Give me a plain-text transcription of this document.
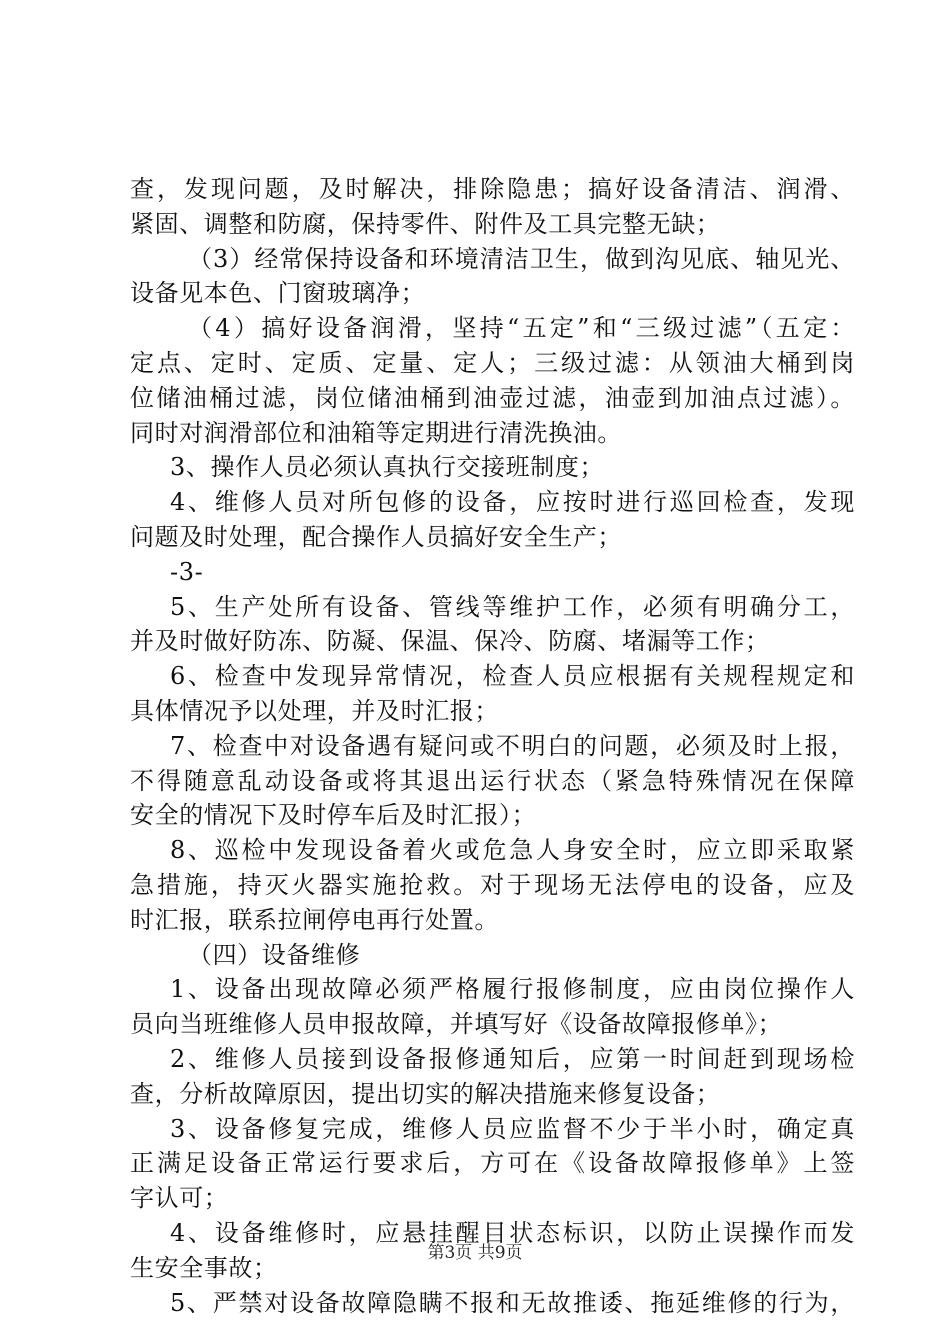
查，发现问题，及时解决，排除隐患；搞好设备清洁、润滑、
紧固、调整和防腐，保持零件、附件及工具完整无缺；
（3）经常保持设备和环境清洁卫生，做到沟见底、轴见光、
设备见本色、门窗玻璃净；
（4）搞好设备润滑，坚持“五定”和“三级过滤”（五定：
定点、定时、定质、定量、定人；三级过滤：从领油大桶到岗
位储油桶过滤，岗位储油桶到油壶过滤，油壶到加油点过滤）。
同时对润滑部位和油箱等定期进行清洗换油。
3、操作人员必须认真执行交接班制度；
4、维修人员对所包修的设备，应按时进行巡回检查，发现
问题及时处理，配合操作人员搞好安全生产；
-3-
5、生产处所有设备、管线等维护工作，必须有明确分工，
并及时做好防冻、防凝、保温、保冷、防腐、堵漏等工作；
6、检查中发现异常情况，检查人员应根据有关规程规定和
具体情况予以处理，并及时汇报；
7、检查中对设备遇有疑问或不明白的问题，必须及时上报，
不得随意乱动设备或将其退出运行状态（紧急特殊情况在保障
安全的情况下及时停车后及时汇报）；
8、巡检中发现设备着火或危急人身安全时，应立即采取紧
急措施，持灭火器实施抢救。对于现场无法停电的设备，应及
时汇报，联系拉闸停电再行处置。
（四）设备维修
1、设备出现故障必须严格履行报修制度，应由岗位操作人
员向当班维修人员申报故障，并填写好《设备故障报修单》；
2、维修人员接到设备报修通知后，应第一时间赶到现场检
查，分析故障原因，提出切实的解决措施来修复设备；
3、设备修复完成，维修人员应监督不少于半小时，确定真
正满足设备正常运行要求后，方可在《设备故障报修单》上签
字认可；
4、设备维修时，应悬挂醒目状态标识，以防止误操作而发
生安全事故；
5、严禁对设备故障隐瞒不报和无故推诿、拖延维修的行为，
第3页 共9页
